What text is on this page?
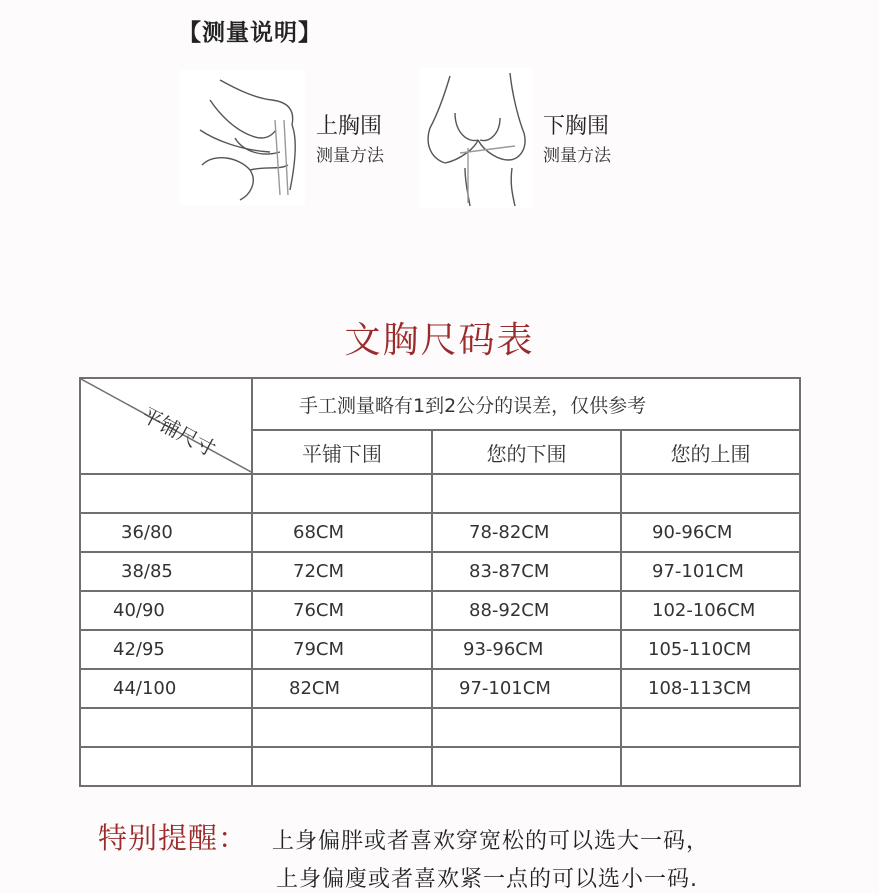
【测量说明】
上胸围
测量方法
下胸围
测量方法
文胸尺码表
平铺尺寸	手工测量略有1到2公分的误差，仅供参考		
	平铺下围	您的下围	您的上围

36/80	68CM	78-82CM	90-96CM
38/85	72CM	83-87CM	97-101CM
40/90	76CM	88-92CM	102-106CM
42/95	79CM	93-96CM	105-110CM
44/100	82CM	97-101CM	108-113CM

特别提醒： 上身偏胖或者喜欢穿宽松的可以选大一码，
上身偏廋或者喜欢紧一点的可以选小一码.
